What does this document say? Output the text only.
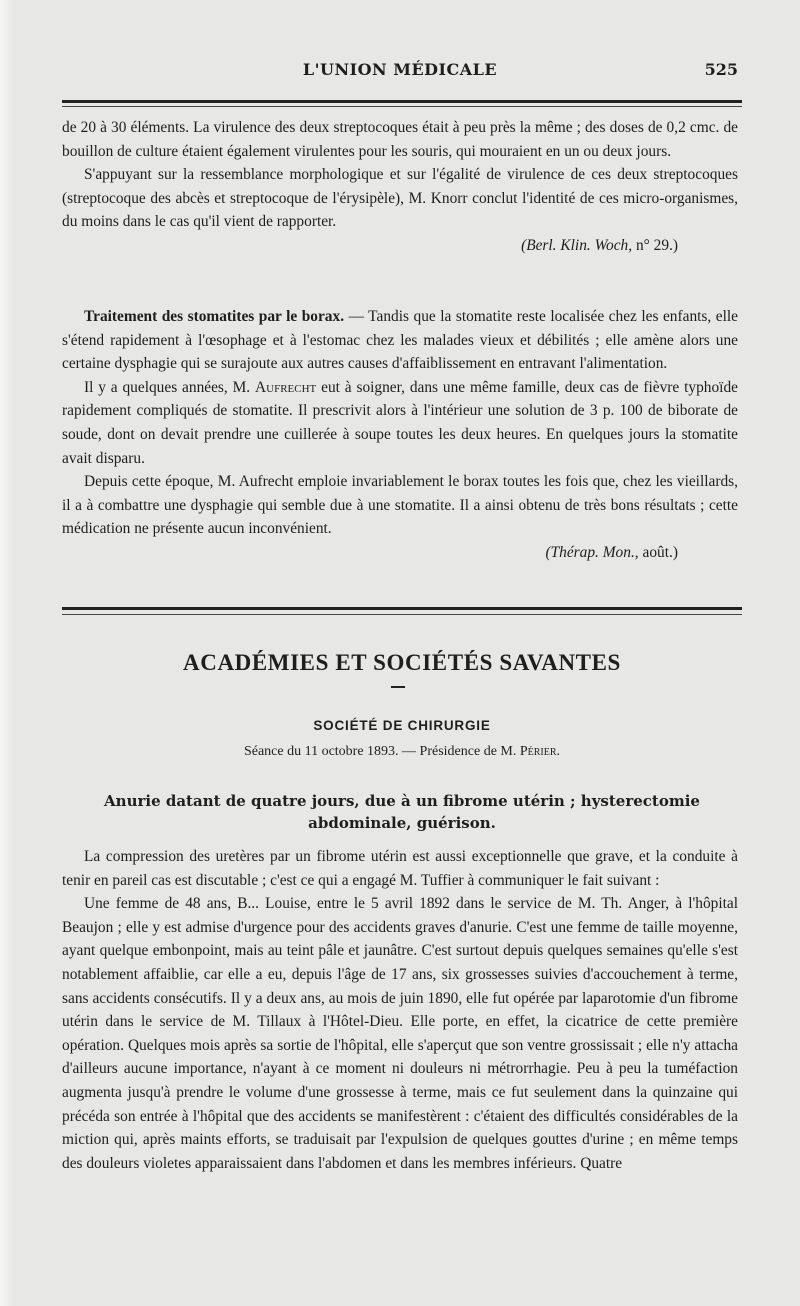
L'UNION MÉDICALE	525

de 20 à 30 éléments. La virulence des deux streptocoques était à peu près la même ; des doses de 0,2 cmc. de bouillon de culture étaient également virulentes pour les souris, qui mouraient en un ou deux jours.

S'appuyant sur la ressemblance morphologique et sur l'égalité de virulence de ces deux streptocoques (streptocoque des abcès et streptocoque de l'érysipèle), M. Knorr conclut l'identité de ces micro-organismes, du moins dans le cas qu'il vient de rapporter.

(Berl. Klin. Woch, n° 29.)

Traitement des stomatites par le borax. — Tandis que la stomatite reste localisée chez les enfants, elle s'étend rapidement à l'œsophage et à l'estomac chez les malades vieux et débilités ; elle amène alors une certaine dysphagie qui se surajoute aux autres causes d'affaiblissement en entravant l'alimentation.

Il y a quelques années, M. Aufrecht eut à soigner, dans une même famille, deux cas de fièvre typhoïde rapidement compliqués de stomatite. Il prescrivit alors à l'intérieur une solution de 3 p. 100 de biborate de soude, dont on devait prendre une cuillerée à soupe toutes les deux heures. En quelques jours la stomatite avait disparu.

Depuis cette époque, M. Aufrecht emploie invariablement le borax toutes les fois que, chez les vieillards, il a à combattre une dysphagie qui semble due à une stomatite. Il a ainsi obtenu de très bons résultats ; cette médication ne présente aucun inconvénient.

(Thérap. Mon., août.)

ACADÉMIES ET SOCIÉTÉS SAVANTES
SOCIÉTÉ DE CHIRURGIE
Séance du 11 octobre 1893. — Présidence de M. Périer.
Anurie datant de quatre jours, due à un fibrome utérin ; hysterectomie abdominale, guérison.

La compression des uretères par un fibrome utérin est aussi exceptionnelle que grave, et la conduite à tenir en pareil cas est discutable ; c'est ce qui a engagé M. Tuffier à communiquer le fait suivant :

Une femme de 48 ans, B... Louise, entre le 5 avril 1892 dans le service de M. Th. Anger, à l'hôpital Beaujon ; elle y est admise d'urgence pour des accidents graves d'anurie. C'est une femme de taille moyenne, ayant quelque embonpoint, mais au teint pâle et jaunâtre. C'est surtout depuis quelques semaines qu'elle s'est notablement affaiblie, car elle a eu, depuis l'âge de 17 ans, six grossesses suivies d'accouchement à terme, sans accidents consécutifs. Il y a deux ans, au mois de juin 1890, elle fut opérée par laparotomie d'un fibrome utérin dans le service de M. Tillaux à l'Hôtel-Dieu. Elle porte, en effet, la cicatrice de cette première opération. Quelques mois après sa sortie de l'hôpital, elle s'aperçut que son ventre grossissait ; elle n'y attacha d'ailleurs aucune importance, n'ayant à ce moment ni douleurs ni métrorrhagie. Peu à peu la tuméfaction augmenta jusqu'à prendre le volume d'une grossesse à terme, mais ce fut seulement dans la quinzaine qui précéda son entrée à l'hôpital que des accidents se manifestèrent : c'étaient des difficultés considérables de la miction qui, après maints efforts, se traduisait par l'expulsion de quelques gouttes d'urine ; en même temps des douleurs violetes apparaissaient dans l'abdomen et dans les membres inférieurs. Quatre
